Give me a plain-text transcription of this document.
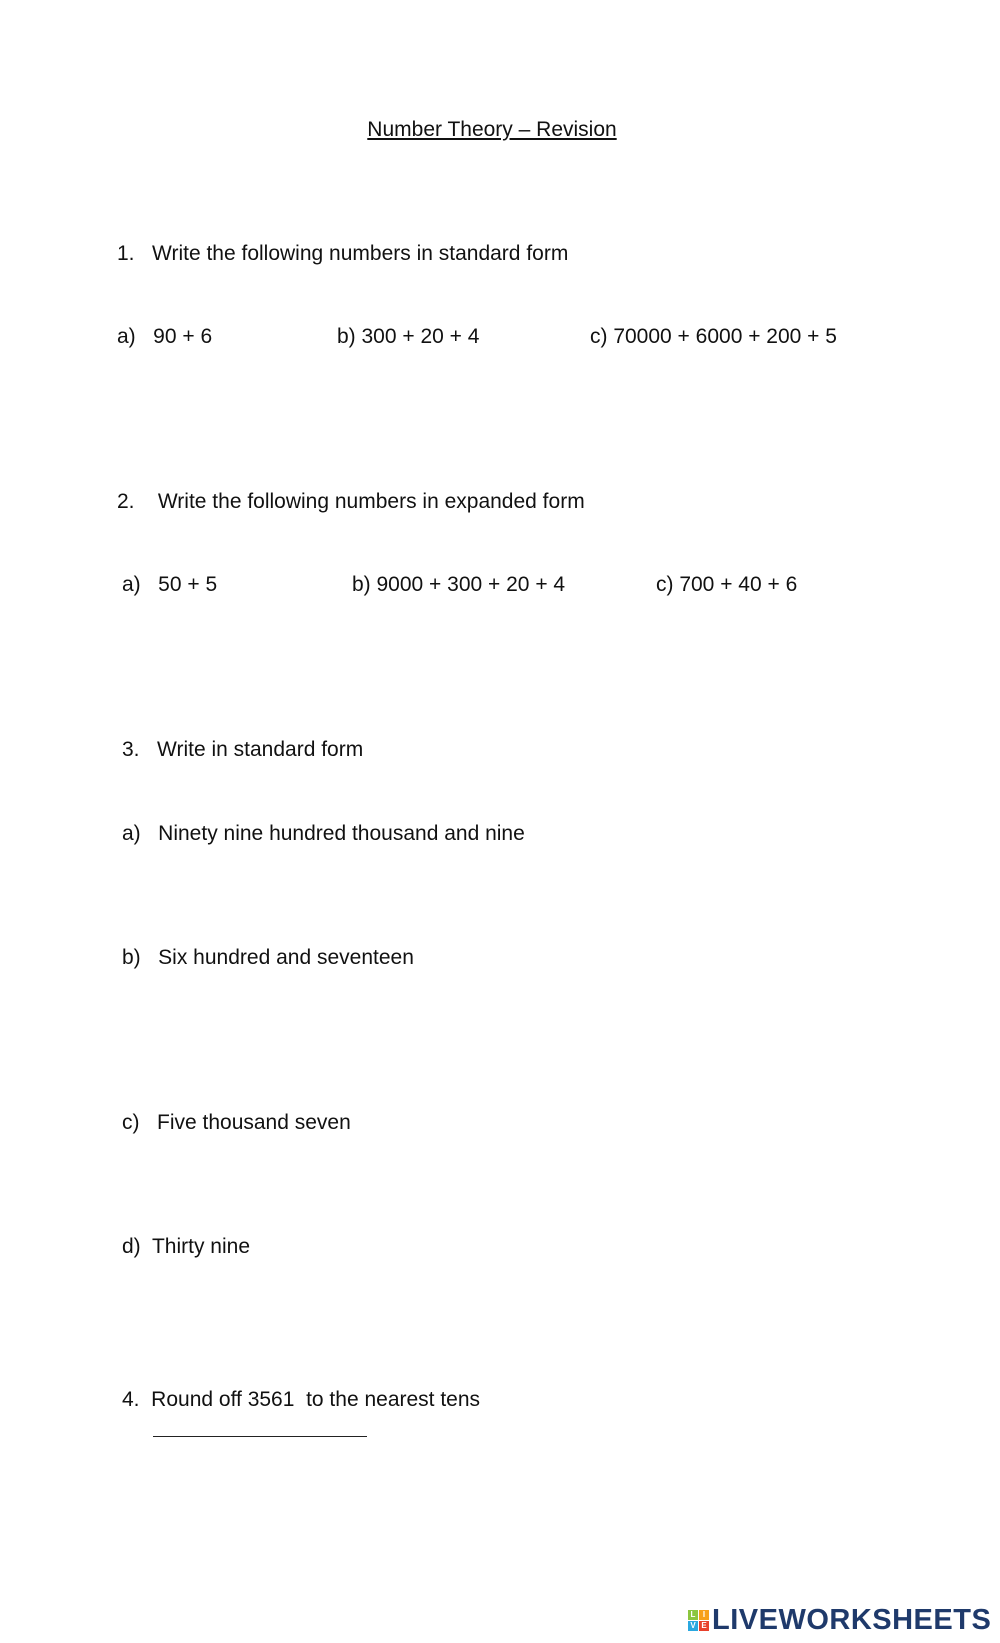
Number Theory – Revision
1.   Write the following numbers in standard form
a)   90 + 6	b) 300 + 20 + 4	c) 70000 + 6000 + 200 + 5
2.    Write the following numbers in expanded form
a)   50 + 5	b) 9000 + 300 + 20 + 4	c) 700 + 40 + 6
3.   Write in standard form
a)   Ninety nine hundred thousand and nine
b)   Six hundred and seventeen
c)   Five thousand seven
d)  Thirty nine
4.  Round off 3561  to the nearest tens
L I
V E LIVEWORKSHEETS
